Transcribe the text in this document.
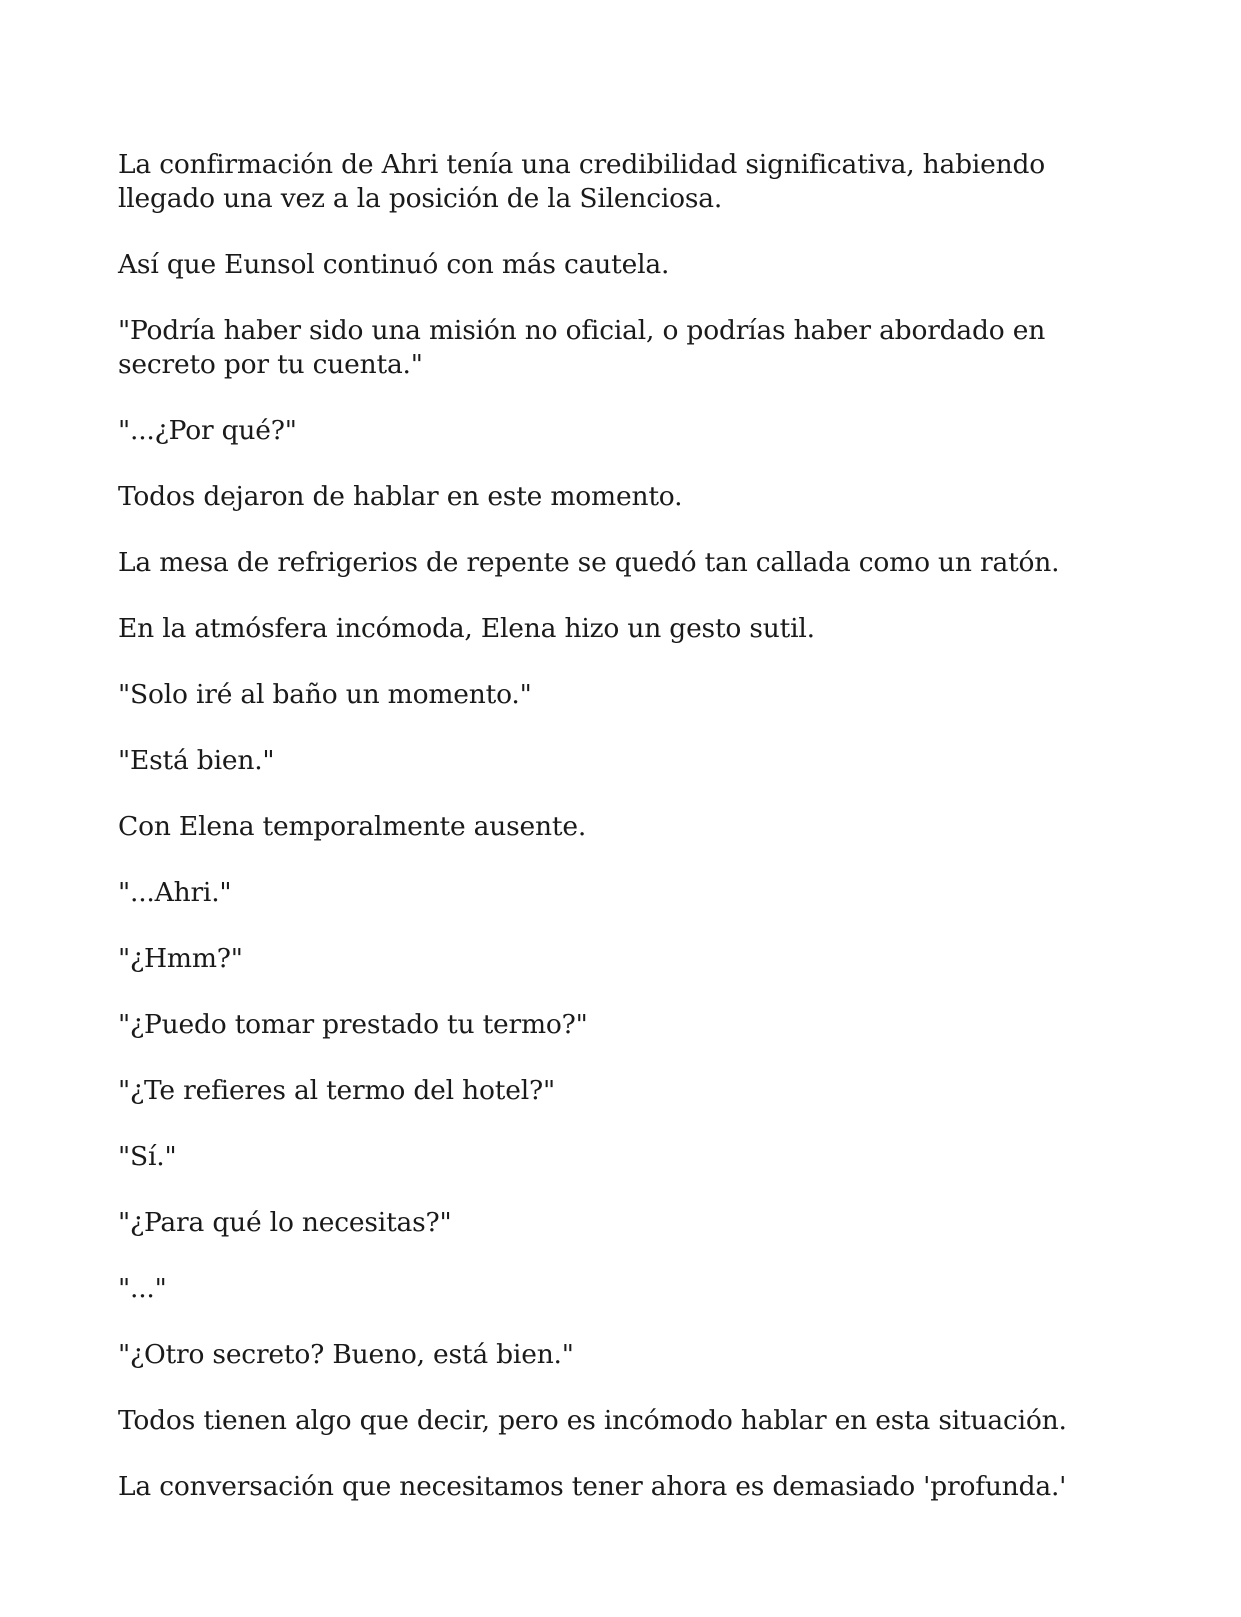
La confirmación de Ahri tenía una credibilidad significativa, habiendo llegado una vez a la posición de la Silenciosa.

Así que Eunsol continuó con más cautela.

"Podría haber sido una misión no oficial, o podrías haber abordado en secreto por tu cuenta."

"...¿Por qué?"

Todos dejaron de hablar en este momento.

La mesa de refrigerios de repente se quedó tan callada como un ratón.

En la atmósfera incómoda, Elena hizo un gesto sutil.

"Solo iré al baño un momento."

"Está bien."

Con Elena temporalmente ausente.

"...Ahri."

"¿Hmm?"

"¿Puedo tomar prestado tu termo?"

"¿Te refieres al termo del hotel?"

"Sí."

"¿Para qué lo necesitas?"

"..."

"¿Otro secreto? Bueno, está bien."

Todos tienen algo que decir, pero es incómodo hablar en esta situación.

La conversación que necesitamos tener ahora es demasiado 'profunda.'
